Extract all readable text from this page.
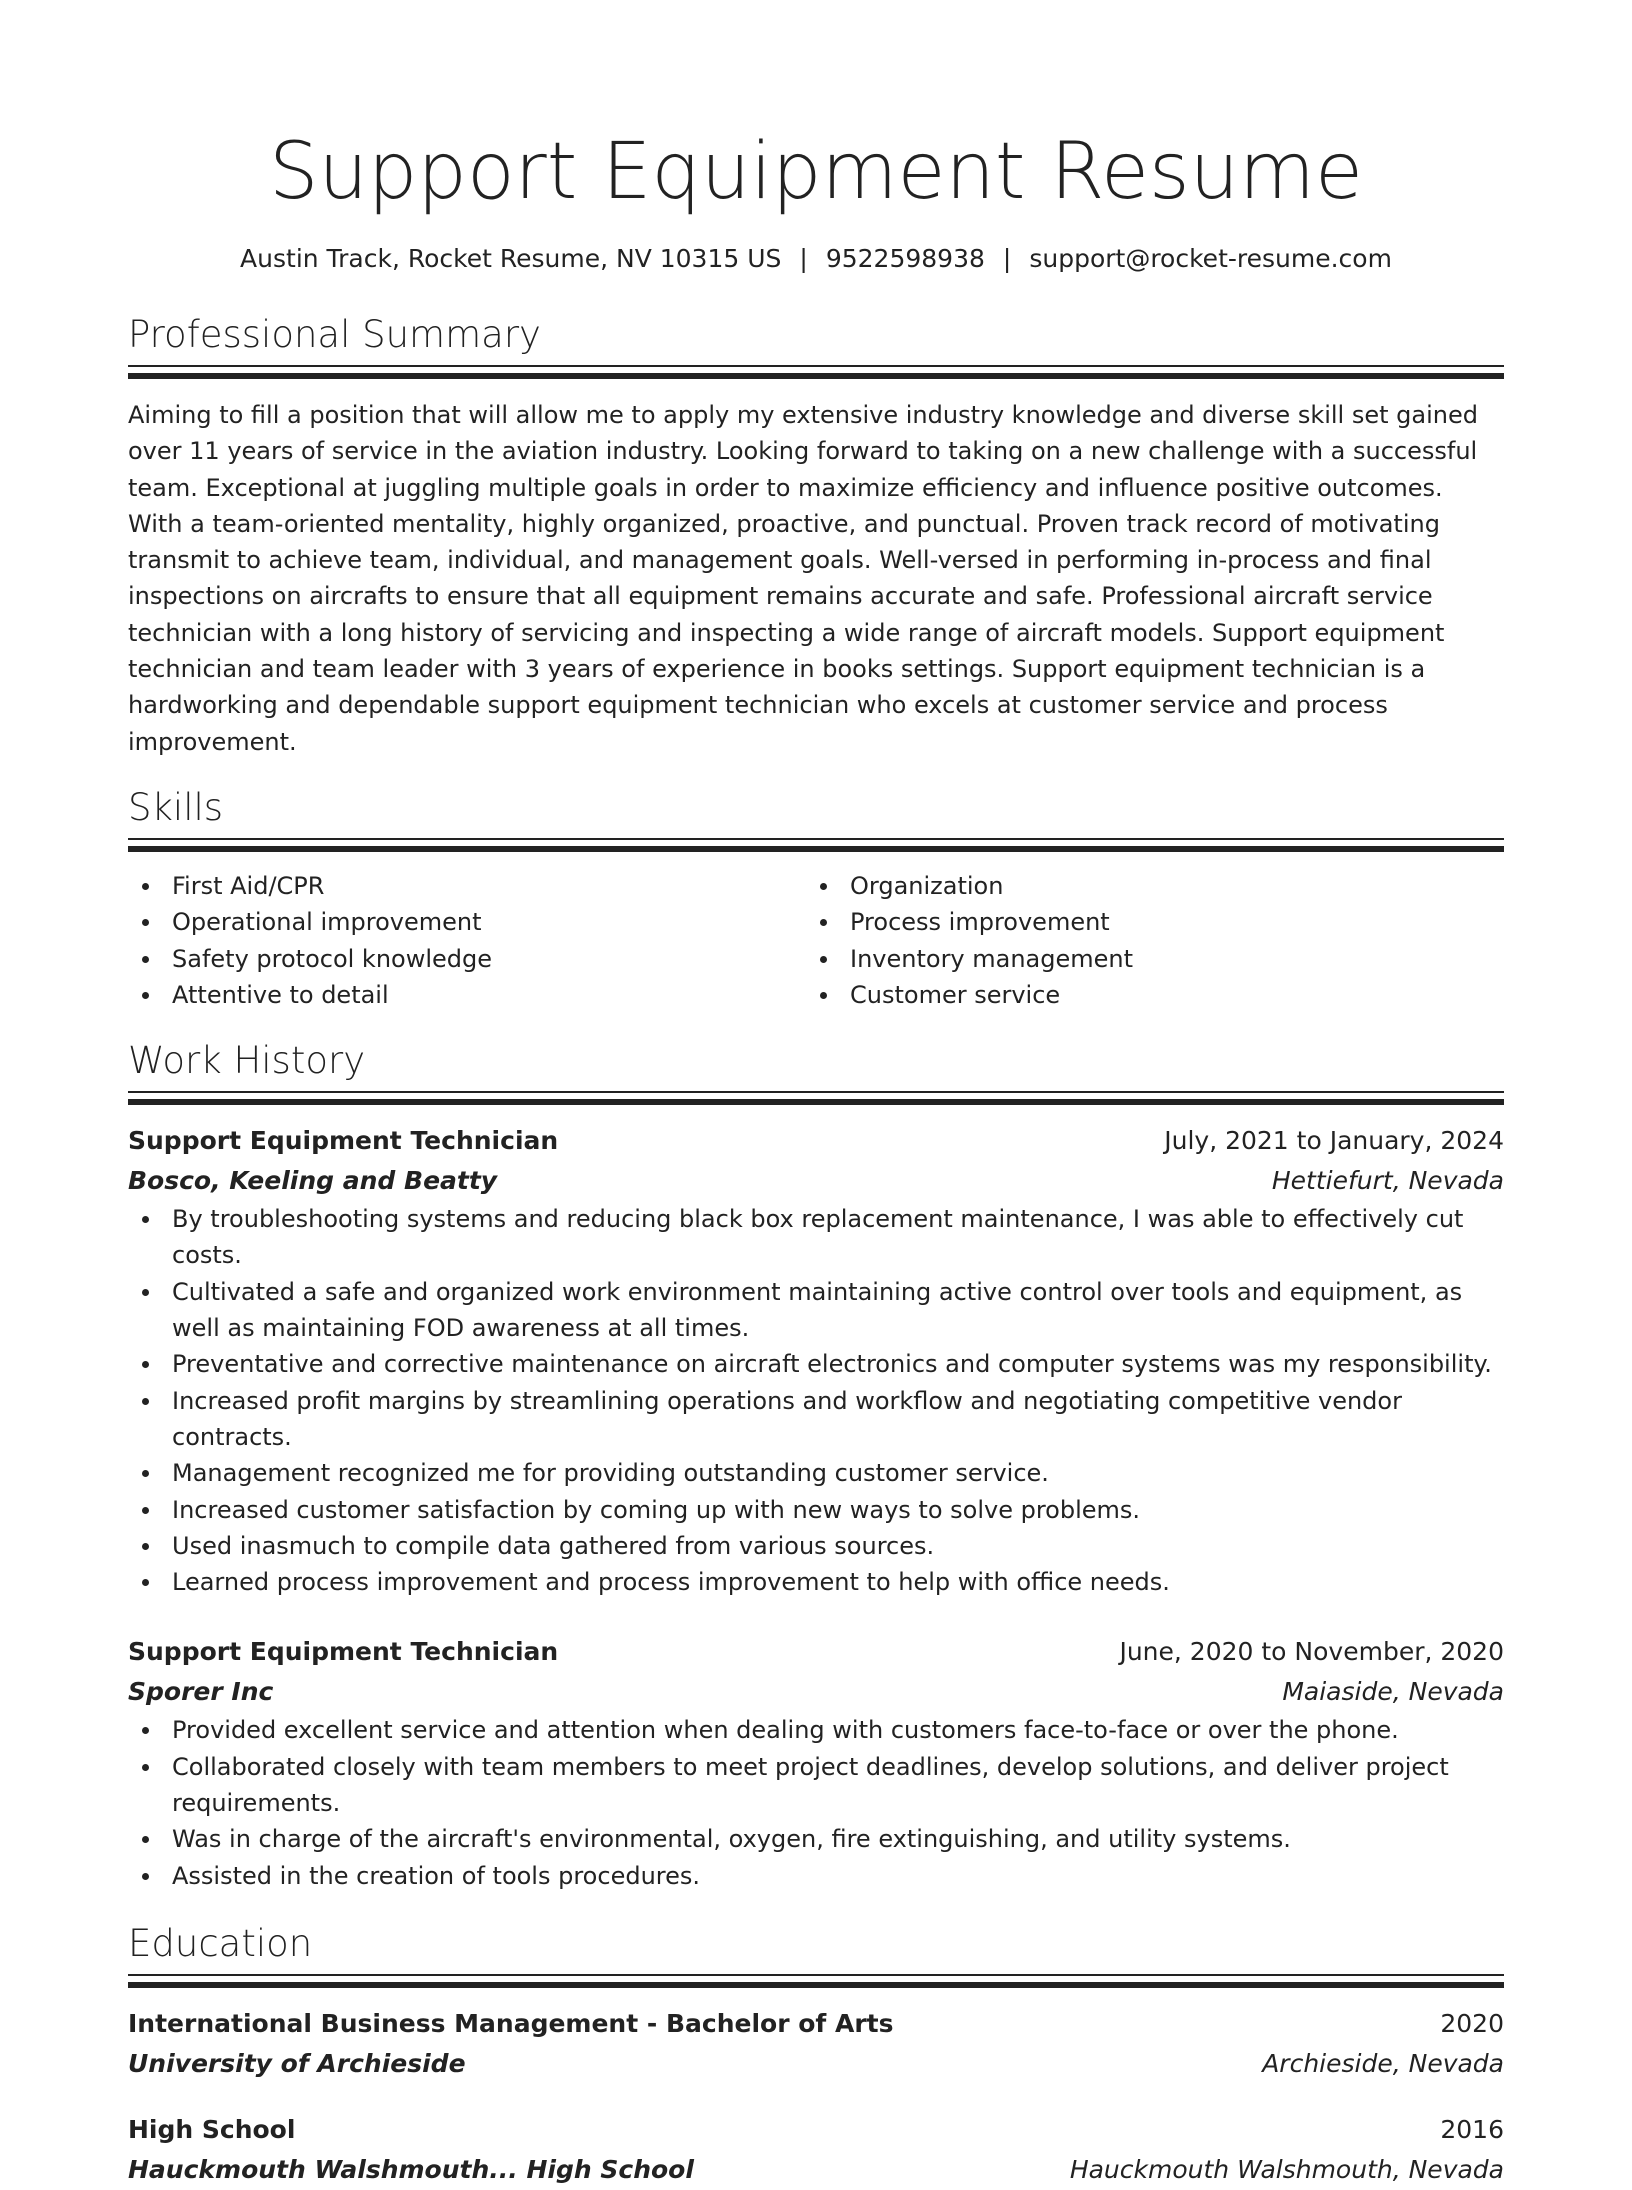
Support Equipment Resume
Austin Track, Rocket Resume, NV 10315 US | 9522598938 | support@rocket-resume.com
Professional Summary
Aiming to fill a position that will allow me to apply my extensive industry knowledge and diverse skill set gained over 11 years of service in the aviation industry. Looking forward to taking on a new challenge with a successful team. Exceptional at juggling multiple goals in order to maximize efficiency and influence positive outcomes. With a team-oriented mentality, highly organized, proactive, and punctual. Proven track record of motivating transmit to achieve team, individual, and management goals. Well-versed in performing in-process and final inspections on aircrafts to ensure that all equipment remains accurate and safe. Professional aircraft service technician with a long history of servicing and inspecting a wide range of aircraft models. Support equipment technician and team leader with 3 years of experience in books settings. Support equipment technician is a hardworking and dependable support equipment technician who excels at customer service and process improvement.
Skills
First Aid/CPR
Operational improvement
Safety protocol knowledge
Attentive to detail
Organization
Process improvement
Inventory management
Customer service
Work History
Support Equipment Technician	July, 2021 to January, 2024
Bosco, Keeling and Beatty	Hettiefurt, Nevada
By troubleshooting systems and reducing black box replacement maintenance, I was able to effectively cut costs.
Cultivated a safe and organized work environment maintaining active control over tools and equipment, as well as maintaining FOD awareness at all times.
Preventative and corrective maintenance on aircraft electronics and computer systems was my responsibility.
Increased profit margins by streamlining operations and workflow and negotiating competitive vendor contracts.
Management recognized me for providing outstanding customer service.
Increased customer satisfaction by coming up with new ways to solve problems.
Used inasmuch to compile data gathered from various sources.
Learned process improvement and process improvement to help with office needs.
Support Equipment Technician	June, 2020 to November, 2020
Sporer Inc	Maiaside, Nevada
Provided excellent service and attention when dealing with customers face-to-face or over the phone.
Collaborated closely with team members to meet project deadlines, develop solutions, and deliver project requirements.
Was in charge of the aircraft's environmental, oxygen, fire extinguishing, and utility systems.
Assisted in the creation of tools procedures.
Education
International Business Management - Bachelor of Arts	2020
University of Archieside	Archieside, Nevada
High School	2016
Hauckmouth Walshmouth... High School	Hauckmouth Walshmouth, Nevada
